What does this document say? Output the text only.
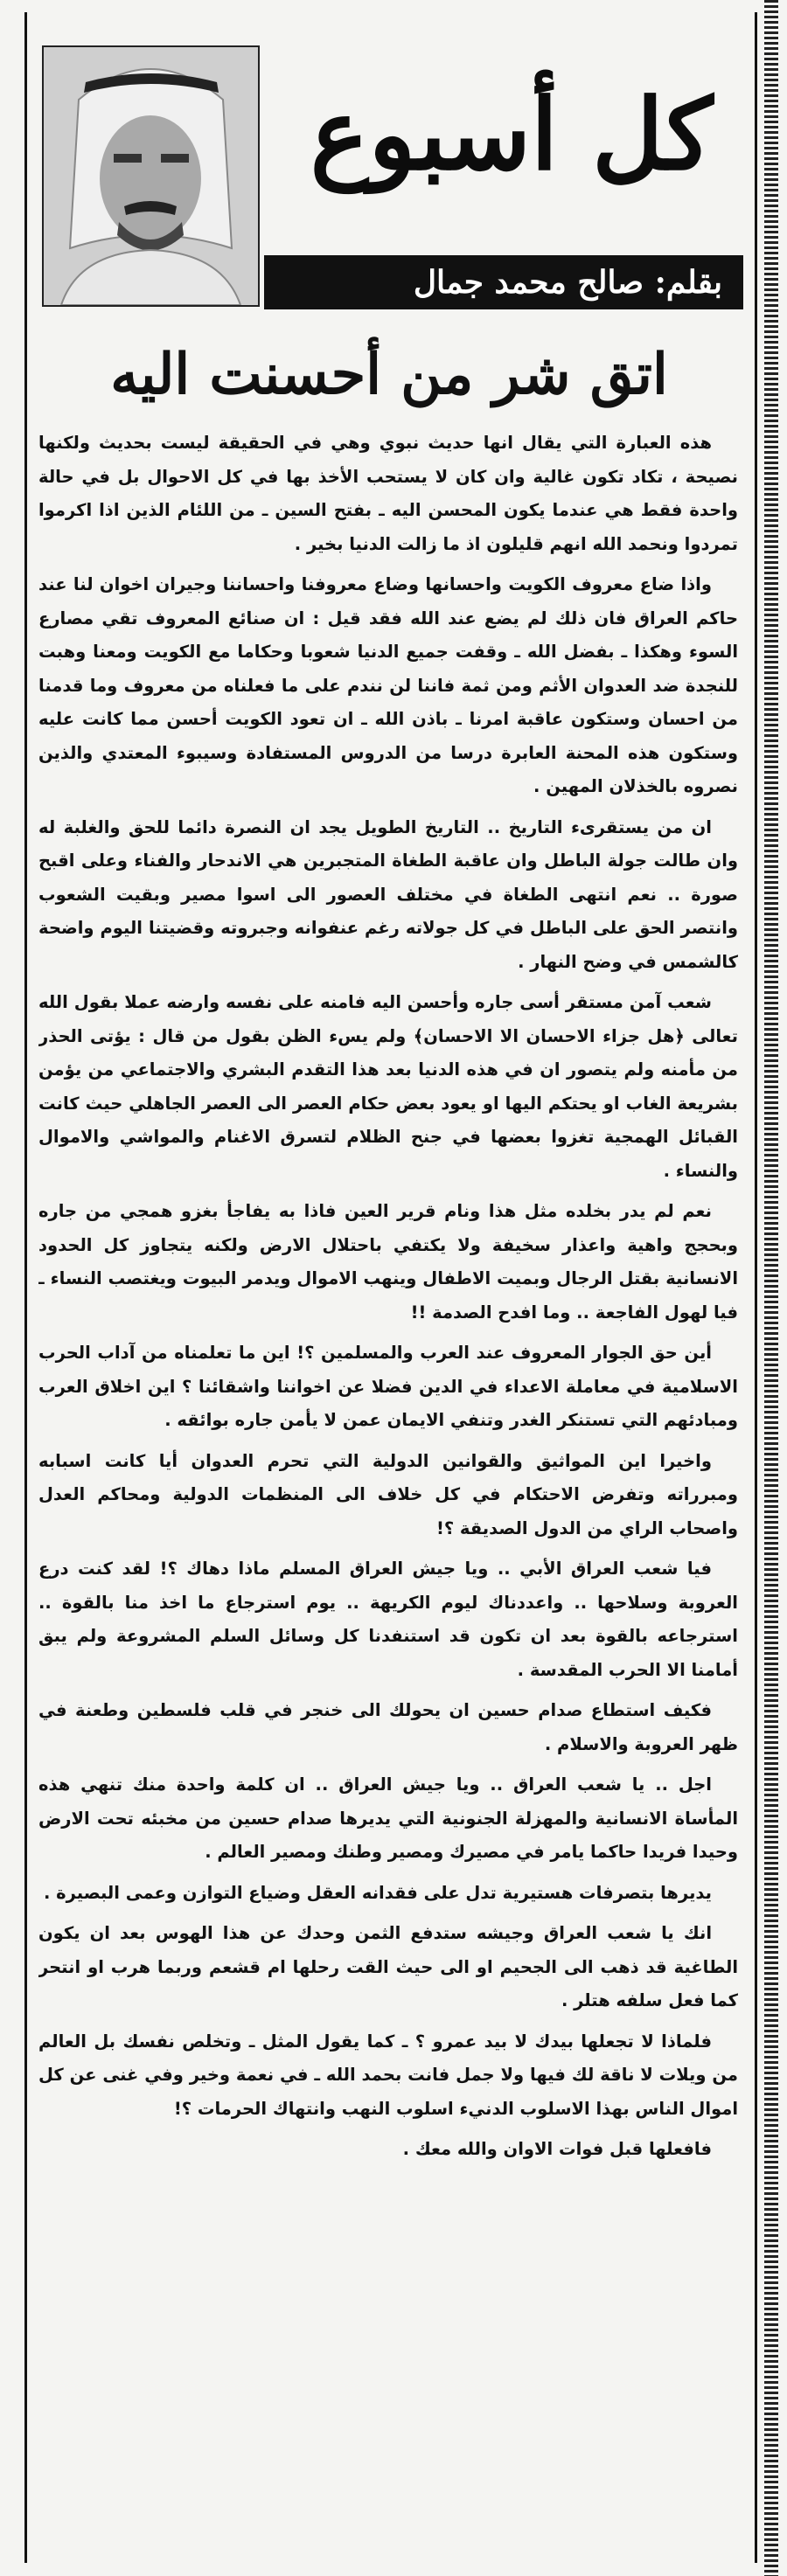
كل أسبوع
بقلم: صالح محمد جمال
اتق شر من أحسنت اليه

هذه العبارة التي يقال انها حديث نبوي وهي في الحقيقة ليست بحديث ولكنها نصيحة ، تكاد تكون غالية وان كان لا يستحب الأخذ بها في كل الاحوال بل في حالة واحدة فقط هي عندما يكون المحسن اليه ـ بفتح السين ـ من اللئام الذين اذا اكرموا تمردوا ونحمد الله انهم قليلون اذ ما زالت الدنيا بخير .

واذا ضاع معروف الكويت واحسانها وضاع معروفنا واحساننا وجيران اخوان لنا عند حاكم العراق فان ذلك لم يضع عند الله فقد قيل : ان صنائع المعروف تقي مصارع السوء وهكذا ـ بفضل الله ـ وقفت جميع الدنيا شعوبا وحكاما مع الكويت ومعنا وهبت للنجدة ضد العدوان الأثم ومن ثمة فاننا لن نندم على ما فعلناه من معروف وما قدمنا من احسان وستكون عاقبة امرنا ـ باذن الله ـ ان تعود الكويت أحسن مما كانت عليه وستكون هذه المحنة العابرة درسا من الدروس المستفادة وسيبوء المعتدي والذين نصروه بالخذلان المهين .

ان من يستقرىء التاريخ .. التاريخ الطويل يجد ان النصرة دائما للحق والغلبة له وان طالت جولة الباطل وان عاقبة الطغاة المتجبرين هي الاندحار والفناء وعلى اقبح صورة .. نعم انتهى الطغاة في مختلف العصور الى اسوا مصير وبقيت الشعوب وانتصر الحق على الباطل في كل جولاته رغم عنفوانه وجبروته وقضيتنا اليوم واضحة كالشمس في وضح النهار .

شعب آمن مستقر أسى جاره وأحسن اليه فامنه على نفسه وارضه عملا بقول الله تعالى ﴿هل جزاء الاحسان الا الاحسان﴾ ولم يسء الظن بقول من قال : يؤتى الحذر من مأمنه ولم يتصور ان في هذه الدنيا بعد هذا التقدم البشري والاجتماعي من يؤمن بشريعة الغاب او يحتكم اليها او يعود بعض حكام العصر الى العصر الجاهلي حيث كانت القبائل الهمجية تغزوا بعضها في جنح الظلام لتسرق الاغنام والمواشي والاموال والنساء .

نعم لم يدر بخلده مثل هذا ونام قرير العين فاذا به يفاجأ بغزو همجي من جاره وبحجج واهية واعذار سخيفة ولا يكتفي باحتلال الارض ولكنه يتجاوز كل الحدود الانسانية بقتل الرجال وبميت الاطفال وينهب الاموال ويدمر البيوت ويغتصب النساء ـ فيا لهول الفاجعة .. وما افدح الصدمة !!

أين حق الجوار المعروف عند العرب والمسلمين ؟! اين ما تعلمناه من آداب الحرب الاسلامية في معاملة الاعداء في الدين فضلا عن اخواننا واشقائنا ؟ اين اخلاق العرب ومبادئهم التي تستنكر الغدر وتنفي الايمان عمن لا يأمن جاره بوائقه .

واخيرا اين المواثيق والقوانين الدولية التي تحرم العدوان أيا كانت اسبابه ومبرراته وتفرض الاحتكام في كل خلاف الى المنظمات الدولية ومحاكم العدل واصحاب الراي من الدول الصديقة ؟!

فيا شعب العراق الأبي .. ويا جيش العراق المسلم ماذا دهاك ؟! لقد كنت درع العروبة وسلاحها .. واعددناك ليوم الكريهة .. يوم استرجاع ما اخذ منا بالقوة .. استرجاعه بالقوة بعد ان تكون قد استنفدنا كل وسائل السلم المشروعة ولم يبق أمامنا الا الحرب المقدسة .

فكيف استطاع صدام حسين ان يحولك الى خنجر في قلب فلسطين وطعنة في ظهر العروبة والاسلام .

اجل .. يا شعب العراق .. ويا جيش العراق .. ان كلمة واحدة منك تنهي هذه المأساة الانسانية والمهزلة الجنونية التي يديرها صدام حسين من مخبئه تحت الارض وحيدا فريدا حاكما يامر في مصيرك ومصير وطنك ومصير العالم .

يديرها بتصرفات هستيرية تدل على فقدانه العقل وضياع التوازن وعمى البصيرة .

انك يا شعب العراق وجيشه ستدفع الثمن وحدك عن هذا الهوس بعد ان يكون الطاغية قد ذهب الى الجحيم او الى حيث القت رحلها ام قشعم وربما هرب او انتحر كما فعل سلفه هتلر .

فلماذا لا تجعلها بيدك لا بيد عمرو ؟ ـ كما يقول المثل ـ وتخلص نفسك بل العالم من ويلات لا ناقة لك فيها ولا جمل فانت بحمد الله ـ في نعمة وخير وفي غنى عن كل اموال الناس بهذا الاسلوب الدنيء اسلوب النهب وانتهاك الحرمات ؟!

فافعلها قبل فوات الاوان والله معك .
